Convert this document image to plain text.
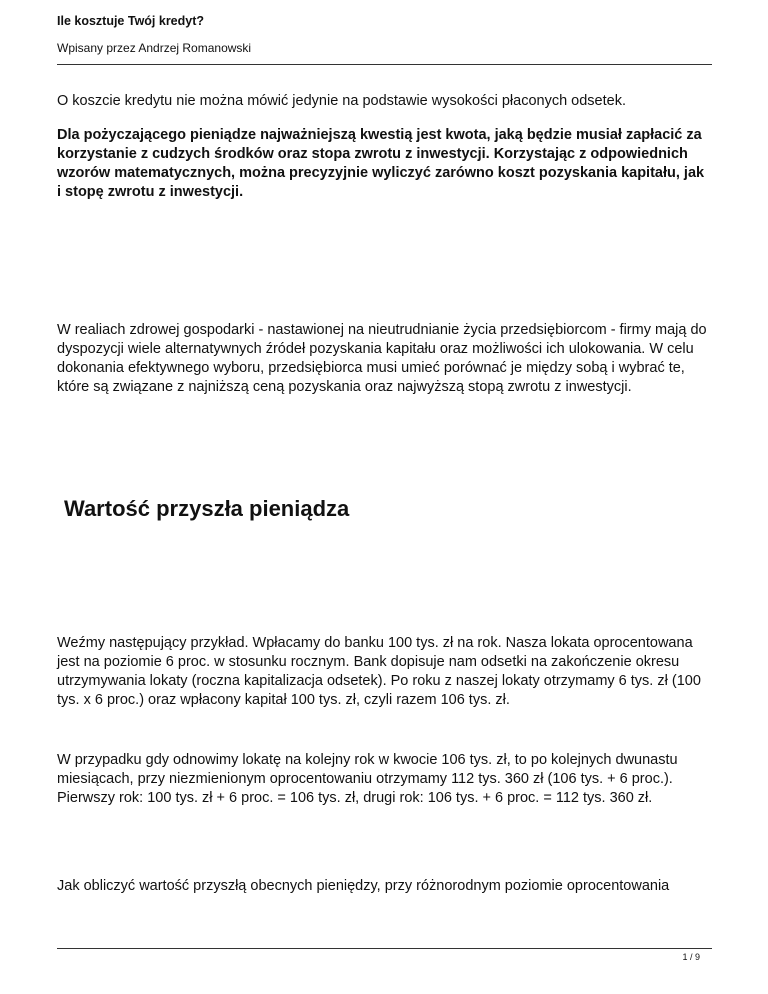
Ile kosztuje Twój kredyt?

Wpisany przez Andrzej Romanowski

O koszcie kredytu nie można mówić jedynie na podstawie wysokości płaconych odsetek.

Dla pożyczającego pieniądze najważniejszą kwestią jest kwota, jaką będzie musiał zapłacić za korzystanie z cudzych środków oraz stopa zwrotu z inwestycji. Korzystając z odpowiednich wzorów matematycznych, można precyzyjnie wyliczyć zarówno koszt pozyskania kapitału, jak i stopę zwrotu z inwestycji.

W realiach zdrowej gospodarki - nastawionej na nieutrudnianie życia przedsiębiorcom - firmy mają do dyspozycji wiele alternatywnych źródeł pozyskania kapitału oraz możliwości ich ulokowania. W celu dokonania efektywnego wyboru, przedsiębiorca musi umieć porównać je między sobą i wybrać te, które są związane z najniższą ceną pozyskania oraz najwyższą stopą zwrotu z inwestycji.

Wartość przyszła pieniądza

Weźmy następujący przykład. Wpłacamy do banku 100 tys. zł na rok. Nasza lokata oprocentowana jest na poziomie 6 proc. w stosunku rocznym. Bank dopisuje nam odsetki na zakończenie okresu utrzymywania lokaty (roczna kapitalizacja odsetek). Po roku z naszej lokaty otrzymamy 6 tys. zł (100 tys. x 6 proc.) oraz wpłacony kapitał 100 tys. zł, czyli razem 106 tys. zł.

W przypadku gdy odnowimy lokatę na kolejny rok w kwocie 106 tys. zł, to po kolejnych dwunastu miesiącach, przy niezmienionym oprocentowaniu otrzymamy 112 tys. 360 zł (106 tys. + 6 proc.). Pierwszy rok: 100 tys. zł + 6 proc. = 106 tys. zł, drugi rok: 106 tys. + 6 proc. = 112 tys. 360 zł.

Jak obliczyć wartość przyszłą obecnych pieniędzy, przy różnorodnym poziomie oprocentowania

1 / 9
